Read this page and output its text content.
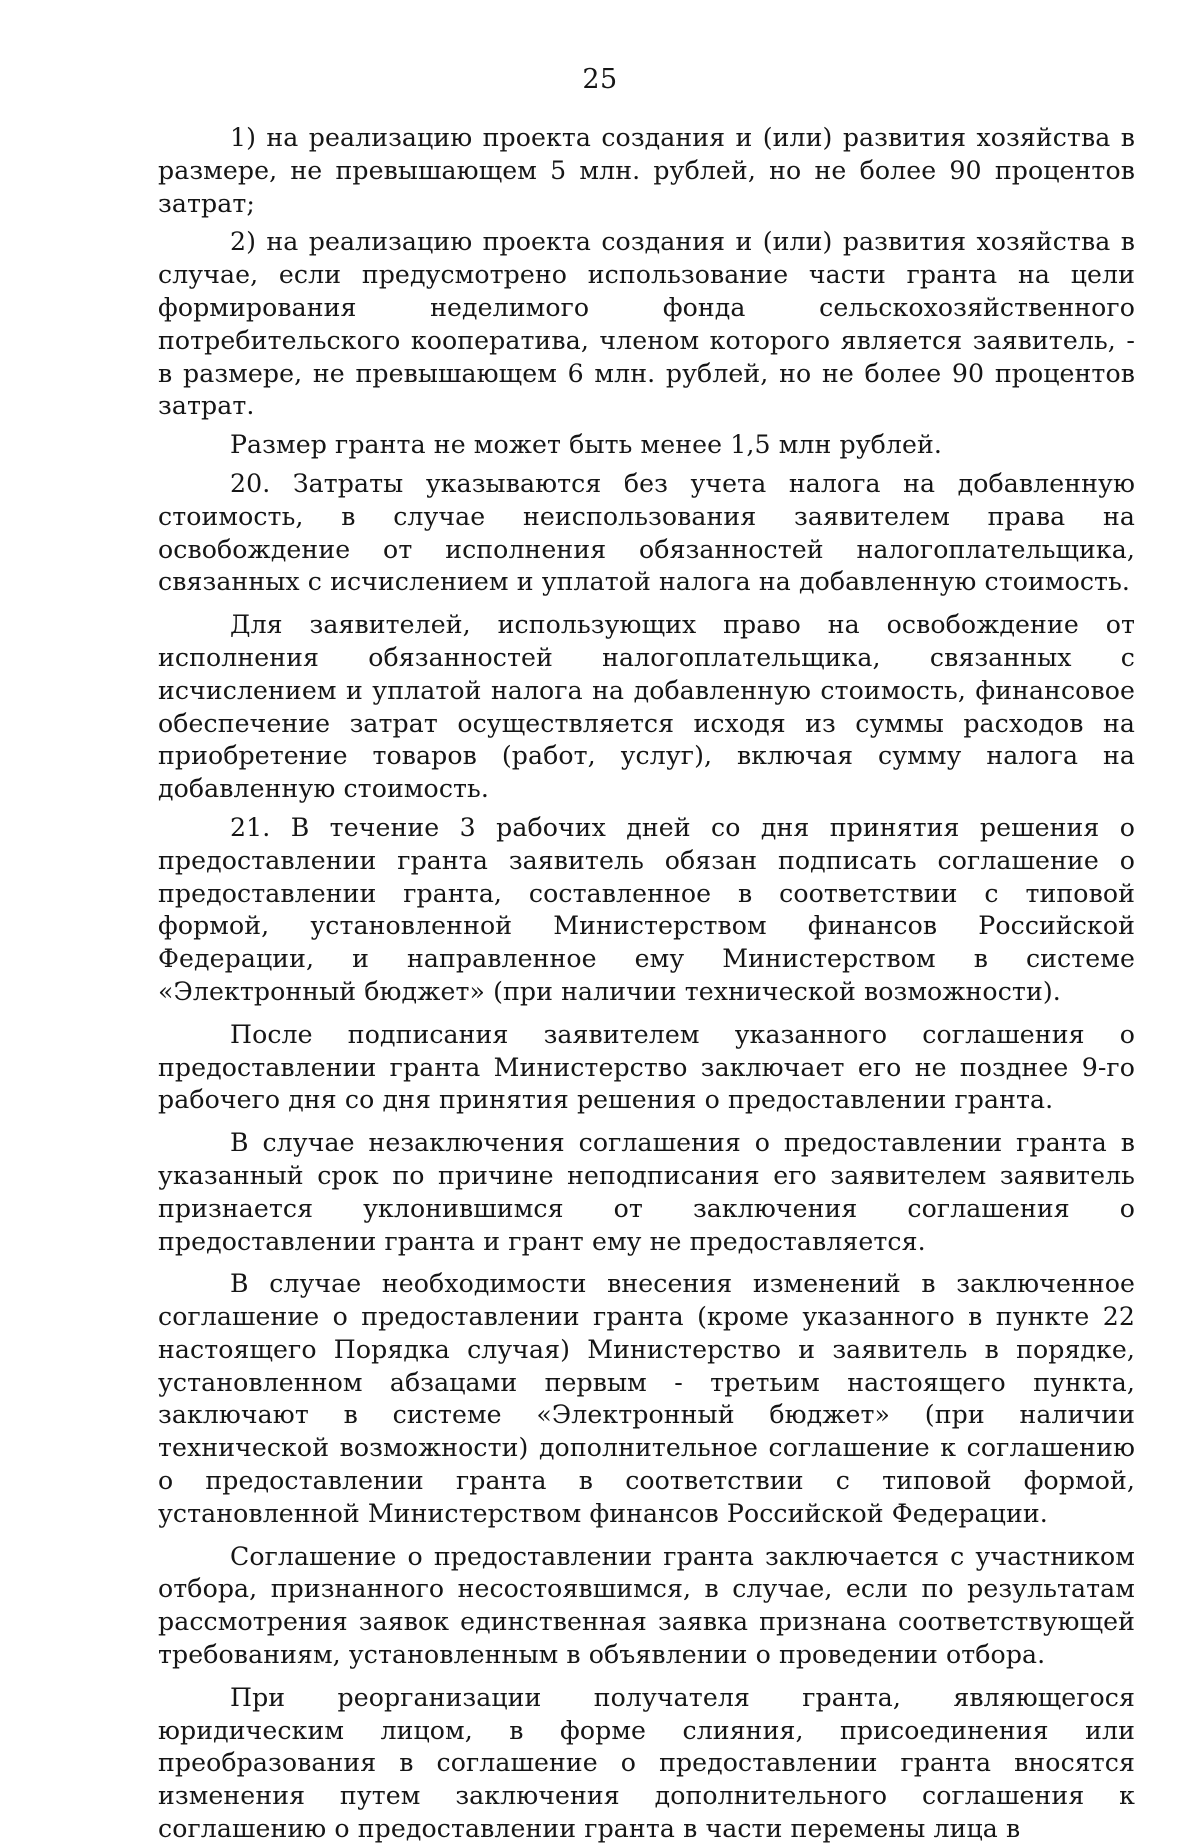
25

1) на реализацию проекта создания и (или) развития хозяйства в размере, не превышающем 5 млн. рублей, но не более 90 процентов затрат;

2) на реализацию проекта создания и (или) развития хозяйства в случае, если предусмотрено использование части гранта на цели формирования неделимого фонда сельскохозяйственного потребительского кооператива, членом которого является заявитель, - в размере, не превышающем 6 млн. рублей, но не более 90 процентов затрат.

Размер гранта не может быть менее 1,5 млн рублей.

20. Затраты указываются без учета налога на добавленную стоимость, в случае неиспользования заявителем права на освобождение от исполнения обязанностей налогоплательщика, связанных с исчислением и уплатой налога на добавленную стоимость.

Для заявителей, использующих право на освобождение от исполнения обязанностей налогоплательщика, связанных с исчислением и уплатой налога на добавленную стоимость, финансовое обеспечение затрат осуществляется исходя из суммы расходов на приобретение товаров (работ, услуг), включая сумму налога на добавленную стоимость.

21. В течение 3 рабочих дней со дня принятия решения о предоставлении гранта заявитель обязан подписать соглашение о предоставлении гранта, составленное в соответствии с типовой формой, установленной Министерством финансов Российской Федерации, и направленное ему Министерством в системе «Электронный бюджет» (при наличии технической возможности).

После подписания заявителем указанного соглашения о предоставлении гранта Министерство заключает его не позднее 9-го рабочего дня со дня принятия решения о предоставлении гранта.

В случае незаключения соглашения о предоставлении гранта в указанный срок по причине неподписания его заявителем заявитель признается уклонившимся от заключения соглашения о предоставлении гранта и грант ему не предоставляется.

В случае необходимости внесения изменений в заключенное соглашение о предоставлении гранта (кроме указанного в пункте 22 настоящего Порядка случая) Министерство и заявитель в порядке, установленном абзацами первым - третьим настоящего пункта, заключают в системе «Электронный бюджет» (при наличии технической возможности) дополнительное соглашение к соглашению о предоставлении гранта в соответствии с типовой формой, установленной Министерством финансов Российской Федерации.

Соглашение о предоставлении гранта заключается с участником отбора, признанного несостоявшимся, в случае, если по результатам рассмотрения заявок единственная заявка признана соответствующей требованиям, установленным в объявлении о проведении отбора.

При реорганизации получателя гранта, являющегося юридическим лицом, в форме слияния, присоединения или преобразования в соглашение о предоставлении гранта вносятся изменения путем заключения дополнительного соглашения к соглашению о предоставлении гранта в части перемены лица в
